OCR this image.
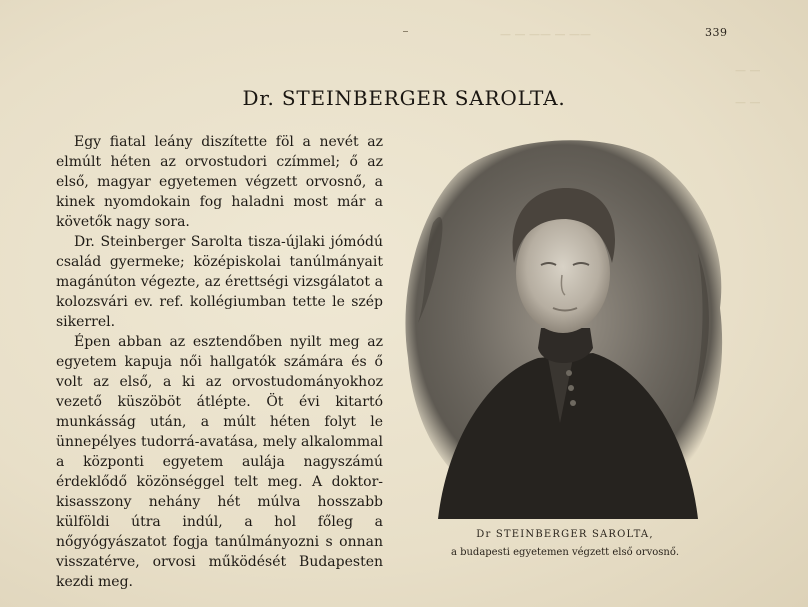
— — —— — ——
— —
— —
339
Dr. STEINBERGER SAROLTA.

Egy fiatal leány diszítette föl a nevét az elmúlt héten az orvostudori czímmel; ő az első, magyar egyetemen végzett orvosnő, a kinek nyomdokain fog haladni most már a követők nagy sora.

Dr. Steinberger Sarolta tisza-újlaki jómódú család gyermeke; középiskolai tanúlmányait magánúton végezte, az érettségi vizsgálatot a kolozsvári ev. ref. kollégiumban tette le szép sikerrel.

Épen abban az esztendőben nyilt meg az egyetem kapuja női hallgatók számára és ő volt az első, a ki az orvostudományokhoz vezető küszöböt átlépte. Öt évi kitartó munkásság után, a múlt héten folyt le ünnepélyes tudorrá-avatása, mely alkalommal a központi egyetem aulája nagyszámú érdeklődő közönséggel telt meg. A doktor-kisasszony nehány hét múlva hosszabb külföldi útra indúl, a hol főleg a nőgyógyászatot fogja tanúlmányozni s onnan visszatérve, orvosi működését Budapesten kezdi meg.

Dr STEINBERGER SAROLTA,
a budapesti egyetemen végzett első orvosnő.
